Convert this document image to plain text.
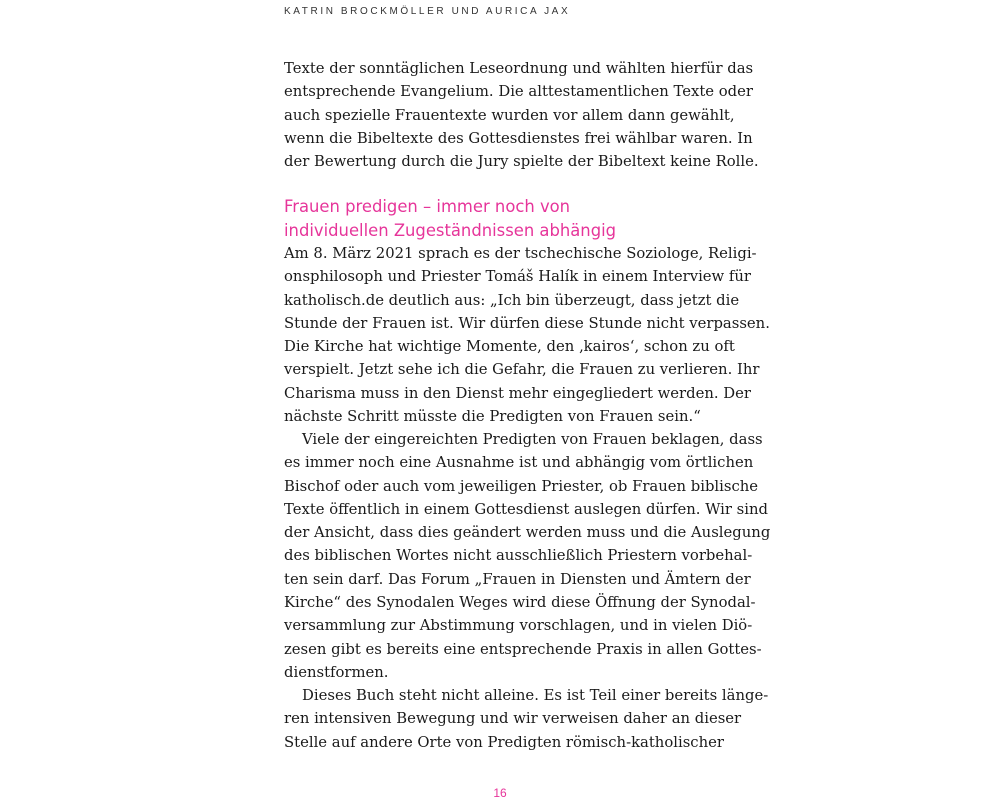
KATRIN BROCKMÖLLER UND AURICA JAX
Texte der sonntäglichen Leseordnung und wählten hierfür das
entsprechende Evangelium. Die alttestamentlichen Texte oder
auch spezielle Frauentexte wurden vor allem dann gewählt,
wenn die Bibeltexte des Gottesdienstes frei wählbar waren. In
der Bewertung durch die Jury spielte der Bibeltext keine Rolle.
Frauen predigen – immer noch von
individuellen Zugeständnissen abhängig
Am 8. März 2021 sprach es der tschechische Soziologe, Religi-
onsphilosoph und Priester Tomáš Halík in einem Interview für
katholisch.de deutlich aus: „Ich bin überzeugt, dass jetzt die
Stunde der Frauen ist. Wir dürfen diese Stunde nicht verpassen.
Die Kirche hat wichtige Momente, den ‚kairos‘, schon zu oft
verspielt. Jetzt sehe ich die Gefahr, die Frauen zu verlieren. Ihr
Charisma muss in den Dienst mehr eingegliedert werden. Der
nächste Schritt müsste die Predigten von Frauen sein.“
Viele der eingereichten Predigten von Frauen beklagen, dass
es immer noch eine Ausnahme ist und abhängig vom örtlichen
Bischof oder auch vom jeweiligen Priester, ob Frauen biblische
Texte öffentlich in einem Gottesdienst auslegen dürfen. Wir sind
der Ansicht, dass dies geändert werden muss und die Auslegung
des biblischen Wortes nicht ausschließlich Priestern vorbehal-
ten sein darf. Das Forum „Frauen in Diensten und Ämtern der
Kirche“ des Synodalen Weges wird diese Öffnung der Synodal-
versammlung zur Abstimmung vorschlagen, und in vielen Diö-
zesen gibt es bereits eine entsprechende Praxis in allen Gottes-
dienstformen.
Dieses Buch steht nicht alleine. Es ist Teil einer bereits länge-
ren intensiven Bewegung und wir verweisen daher an dieser
Stelle auf andere Orte von Predigten römisch-katholischer
16
